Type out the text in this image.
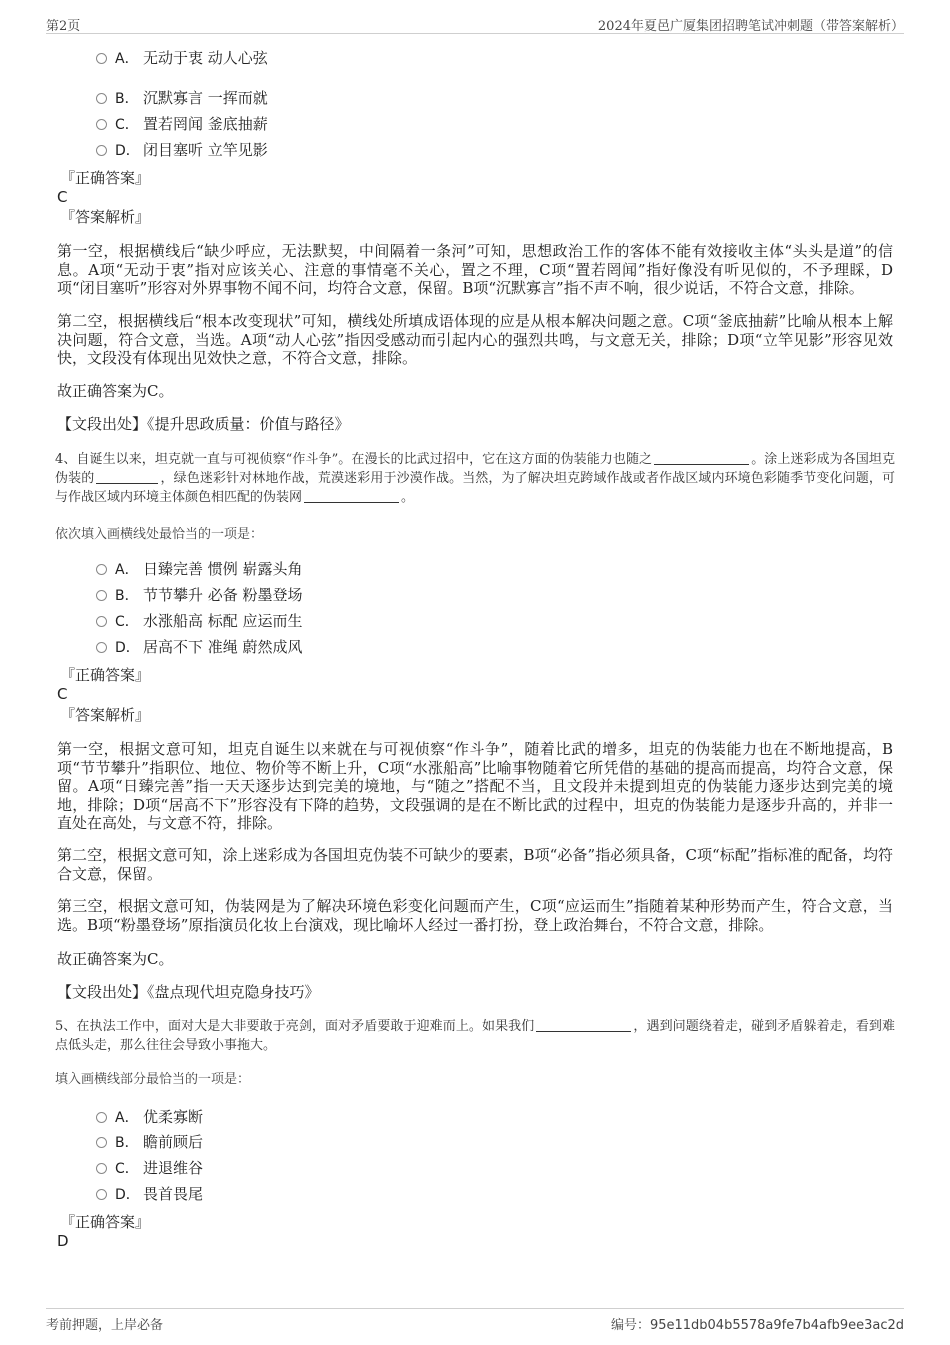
第2页	2024年夏邑广厦集团招聘笔试冲刺题（带答案解析）
A． 无动于衷 动人心弦
B． 沉默寡言 一挥而就
C． 置若罔闻 釜底抽薪
D． 闭目塞听 立竿见影
『正确答案』
C
『答案解析』
第一空，根据横线后“缺少呼应，无法默契，中间隔着一条河”可知，思想政治工作的客体不能有效接收主体“头头是道”的信息。A项“无动于衷”指对应该关心、注意的事情毫不关心，置之不理，C项“置若罔闻”指好像没有听见似的，不予理睬，D项“闭目塞听”形容对外界事物不闻不问，均符合文意，保留。B项“沉默寡言”指不声不响，很少说话，不符合文意，排除。
第二空，根据横线后“根本改变现状”可知，横线处所填成语体现的应是从根本解决问题之意。C项“釜底抽薪”比喻从根本上解决问题，符合文意，当选。A项“动人心弦”指因受感动而引起内心的强烈共鸣，与文意无关，排除；D项“立竿见影”形容见效快，文段没有体现出见效快之意，不符合文意，排除。
故正确答案为C。
【文段出处】《提升思政质量：价值与路径》
4、自诞生以来，坦克就一直与可视侦察“作斗争”。在漫长的比武过招中，它在这方面的伪装能力也随之	。涂上迷彩成为各国坦克伪装的	，绿色迷彩针对林地作战，荒漠迷彩用于沙漠作战。当然，为了解决坦克跨域作战或者作战区域内环境色彩随季节变化问题，可与作战区域内环境主体颜色相匹配的伪装网	。
依次填入画横线处最恰当的一项是：
A． 日臻完善 惯例 崭露头角
B． 节节攀升 必备 粉墨登场
C． 水涨船高 标配 应运而生
D． 居高不下 准绳 蔚然成风
『正确答案』
C
『答案解析』
第一空，根据文意可知，坦克自诞生以来就在与可视侦察“作斗争”，随着比武的增多，坦克的伪装能力也在不断地提高，B项“节节攀升”指职位、地位、物价等不断上升，C项“水涨船高”比喻事物随着它所凭借的基础的提高而提高，均符合文意，保留。A项“日臻完善”指一天天逐步达到完美的境地，与“随之”搭配不当，且文段并未提到坦克的伪装能力逐步达到完美的境地，排除；D项“居高不下”形容没有下降的趋势，文段强调的是在不断比武的过程中，坦克的伪装能力是逐步升高的，并非一直处在高处，与文意不符，排除。
第二空，根据文意可知，涂上迷彩成为各国坦克伪装不可缺少的要素，B项“必备”指必须具备，C项“标配”指标准的配备，均符合文意，保留。
第三空，根据文意可知，伪装网是为了解决环境色彩变化问题而产生，C项“应运而生”指随着某种形势而产生，符合文意，当选。B项“粉墨登场”原指演员化妆上台演戏，现比喻坏人经过一番打扮，登上政治舞台，不符合文意，排除。
故正确答案为C。
【文段出处】《盘点现代坦克隐身技巧》
5、在执法工作中，面对大是大非要敢于亮剑，面对矛盾要敢于迎难而上。如果我们	，遇到问题绕着走，碰到矛盾躲着走，看到难点低头走，那么往往会导致小事拖大。
填入画横线部分最恰当的一项是：
A． 优柔寡断
B． 瞻前顾后
C． 进退维谷
D． 畏首畏尾
『正确答案』
D
考前押题，上岸必备	编号：95e11db04b5578a9fe7b4afb9ee3ac2d
